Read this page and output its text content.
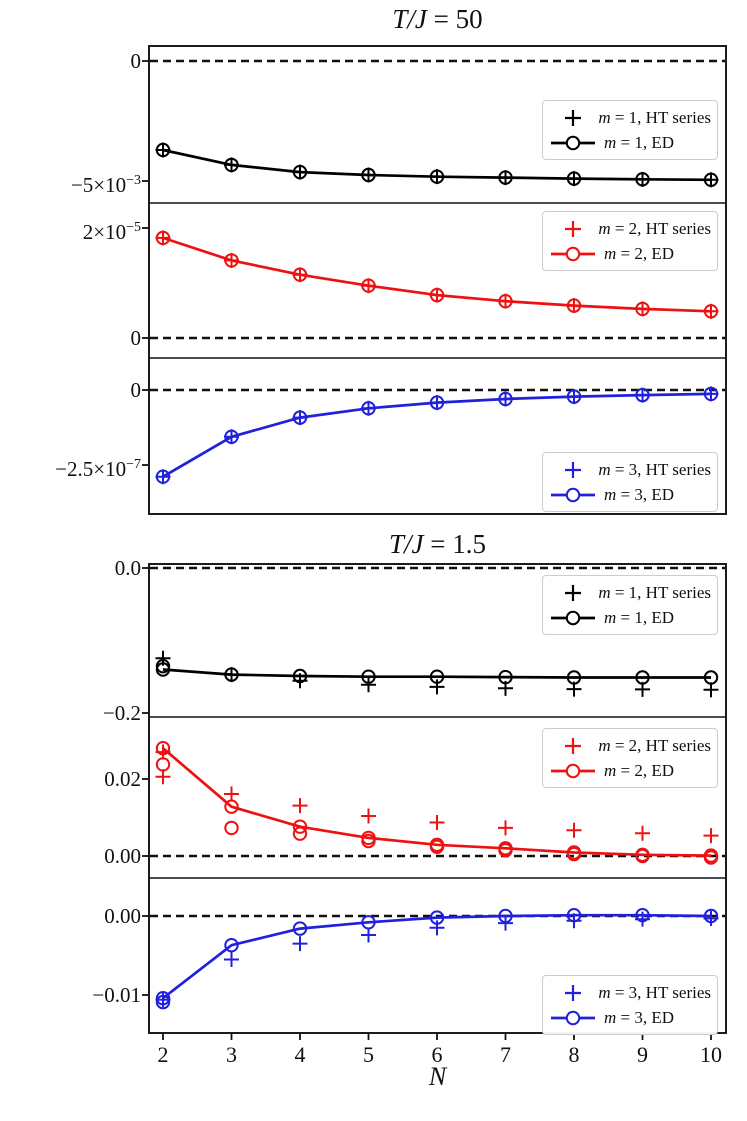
T/J = 50
T/J = 1.5
N
0
$-5\times 10^{-3}$
m = 1, HT series
m = 1, ED
$2\times 10^{-5}$
0
m = 2, HT series
m = 2, ED
0
$-2.5\times 10^{-7}$	m = 3, HT series
m = 3, ED
0.0
−0.2
m = 1, HT series
m = 1, ED
0.02
0.00
m = 2, HT series
m = 2, ED
0.00
−0.01	m = 3, HT series
m = 3, ED
2	3	4	5	6	7	8	9	10
